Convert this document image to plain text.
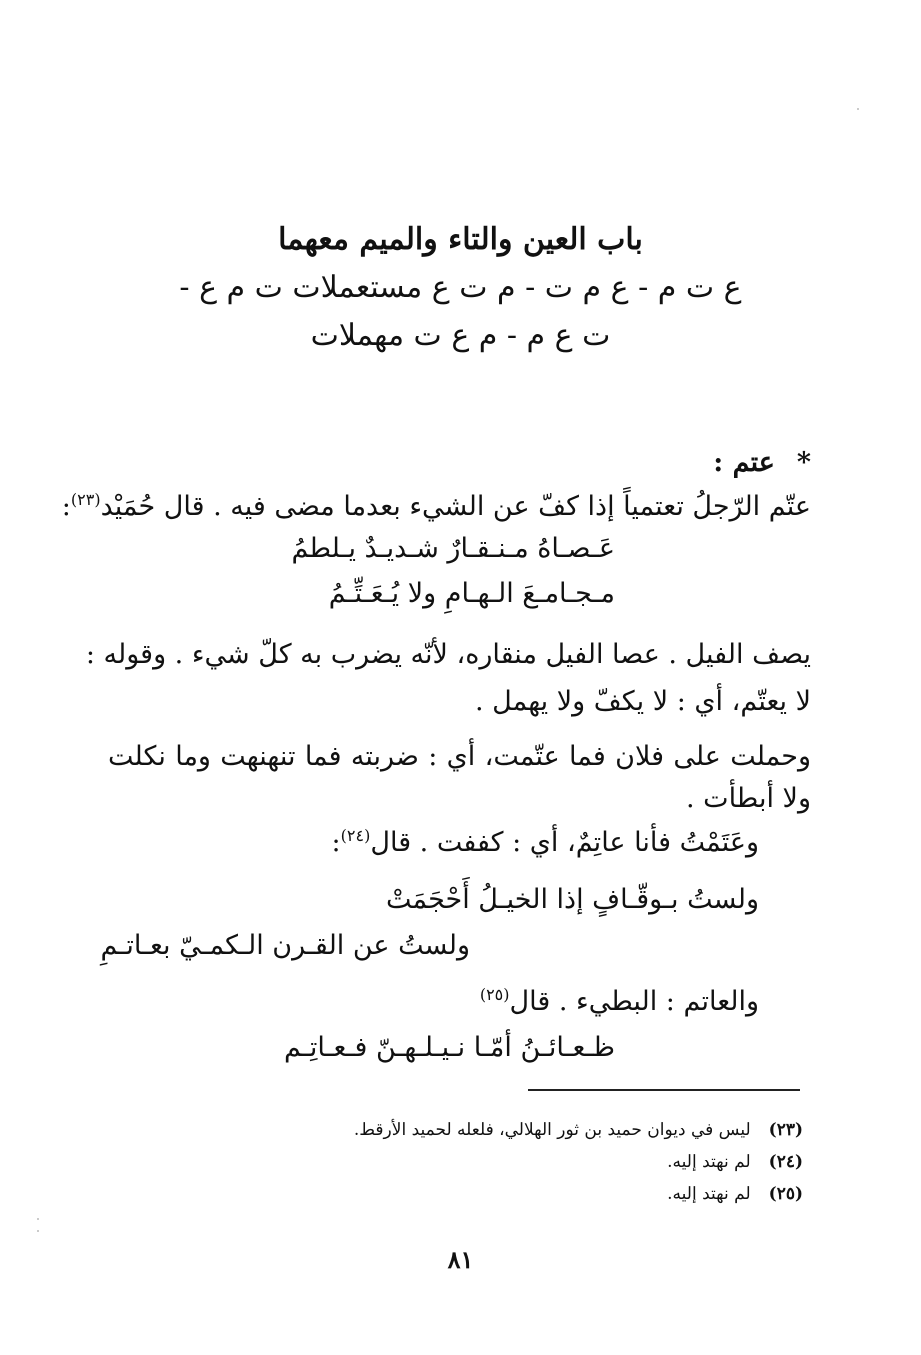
باب العين والتاء والميم معهما
ع ت م - ع م ت - م ت ع مستعملات ت م ع -
ت ع م - م ع ت مهملات
*عتم :
عتّم الرّجلُ تعتمياً إذا كفّ عن الشيء بعدما مضى فيه . قال حُمَيْد$^{(٢٣)}$:
عَـصـاهُ مـنـقـارٌ شـديـدٌ يـلطمُ
مـجـامـعَ الـهـامِ ولا يُـعَـتِّـمُ
يصف الفيل . عصا الفيل منقاره، لأنّه يضرب به كلّ شيء . وقوله :
لا يعتّم، أي : لا يكفّ ولا يهمل .
وحملت على فلان فما عتّمت، أي : ضربته فما تنهنهت وما نكلت
ولا أبطأت .
وعَتَمْتُ فأنا عاتِمٌ، أي : كففت . قال$^{(٢٤)}$:
ولستُ بـوقّـافٍ إذا الخيـلُ أَحْجَمَتْ
ولستُ عن القـرن الـكمـيّ بعـاتـمِ
والعاتم : البطيء . قال$^{(٢٥)}$
ظـعـائـنُ أمّـا نـيـلـهـنّ فـعـاتِـم
(٢٣)ليس في ديوان حميد بن ثور الهلالي، فلعله لحميد الأرقط.
(٢٤)لم نهتد إليه.
(٢٥)لم نهتد إليه.
٨١
